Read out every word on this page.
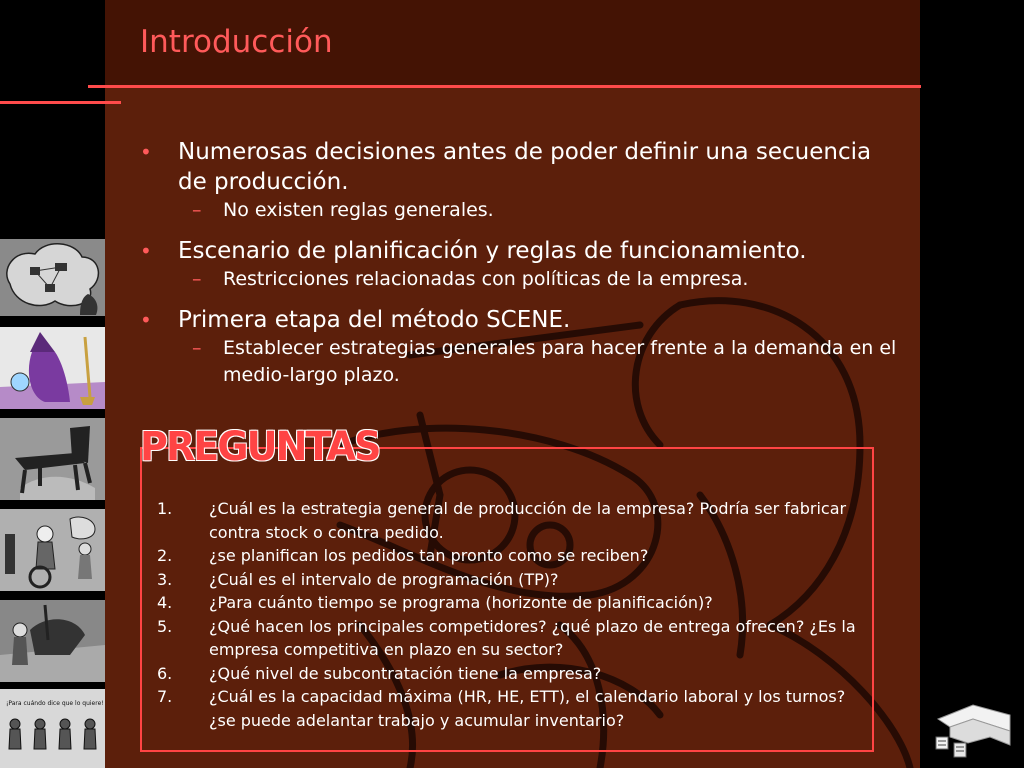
Introducción

• Numerosas decisiones antes de poder definir una secuencia de producción.

– No existen reglas generales.

• Escenario de planificación y reglas de funcionamiento.

– Restricciones relacionadas con políticas de la empresa.

• Primera etapa del método SCENE.

– Establecer estrategias generales para hacer frente a la demanda en el medio-largo plazo.

PREGUNTAS

1. ¿Cuál es la estrategia general de producción de la empresa? Podría ser fabricar contra stock o contra pedido.

2. ¿se planifican los pedidos tan pronto como se reciben?

3. ¿Cuál es el intervalo de programación (TP)?

4. ¿Para cuánto tiempo se programa (horizonte de planificación)?

5. ¿Qué hacen los principales competidores? ¿qué plazo de entrega ofrecen? ¿Es la empresa competitiva en plazo en su sector?

6. ¿Qué nivel de subcontratación tiene la empresa?

7. ¿Cuál es la capacidad máxima (HR, HE, ETT), el calendario laboral y los turnos? ¿se puede adelantar trabajo y acumular inventario?

¡Para cuándo dice que lo quiere!
